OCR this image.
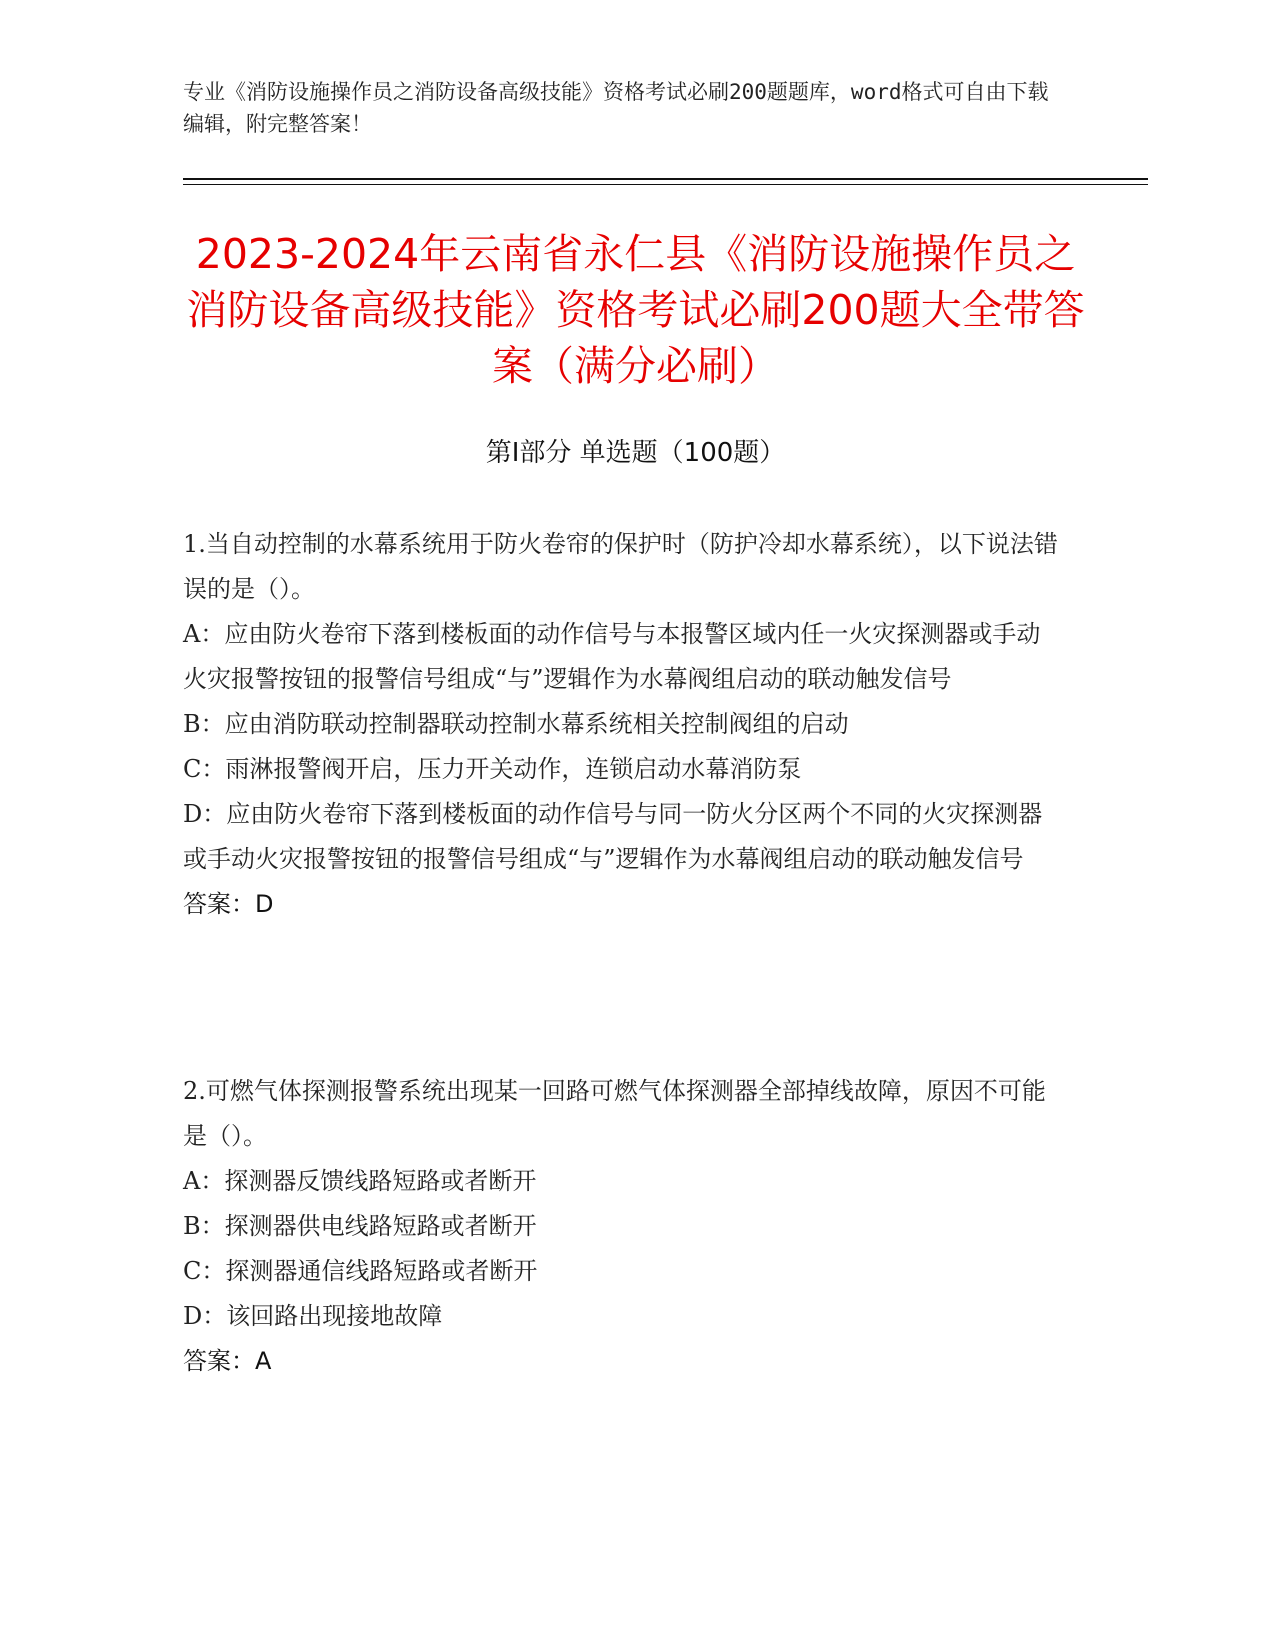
专业《消防设施操作员之消防设备高级技能》资格考试必刷200题题库，word格式可自由下载编辑，附完整答案！

2023-2024年云南省永仁县《消防设施操作员之消防设备高级技能》资格考试必刷200题大全带答案（满分必刷）
第I部分 单选题（100题）

1.当自动控制的水幕系统用于防火卷帘的保护时（防护冷却水幕系统），以下说法错误的是（）。

A：应由防火卷帘下落到楼板面的动作信号与本报警区域内任一火灾探测器或手动火灾报警按钮的报警信号组成“与”逻辑作为水幕阀组启动的联动触发信号

B：应由消防联动控制器联动控制水幕系统相关控制阀组的启动

C：雨淋报警阀开启，压力开关动作，连锁启动水幕消防泵

D：应由防火卷帘下落到楼板面的动作信号与同一防火分区两个不同的火灾探测器或手动火灾报警按钮的报警信号组成“与”逻辑作为水幕阀组启动的联动触发信号

答案：D

2.可燃气体探测报警系统出现某一回路可燃气体探测器全部掉线故障，原因不可能是（）。

A：探测器反馈线路短路或者断开

B：探测器供电线路短路或者断开

C：探测器通信线路短路或者断开

D：该回路出现接地故障

答案：A
